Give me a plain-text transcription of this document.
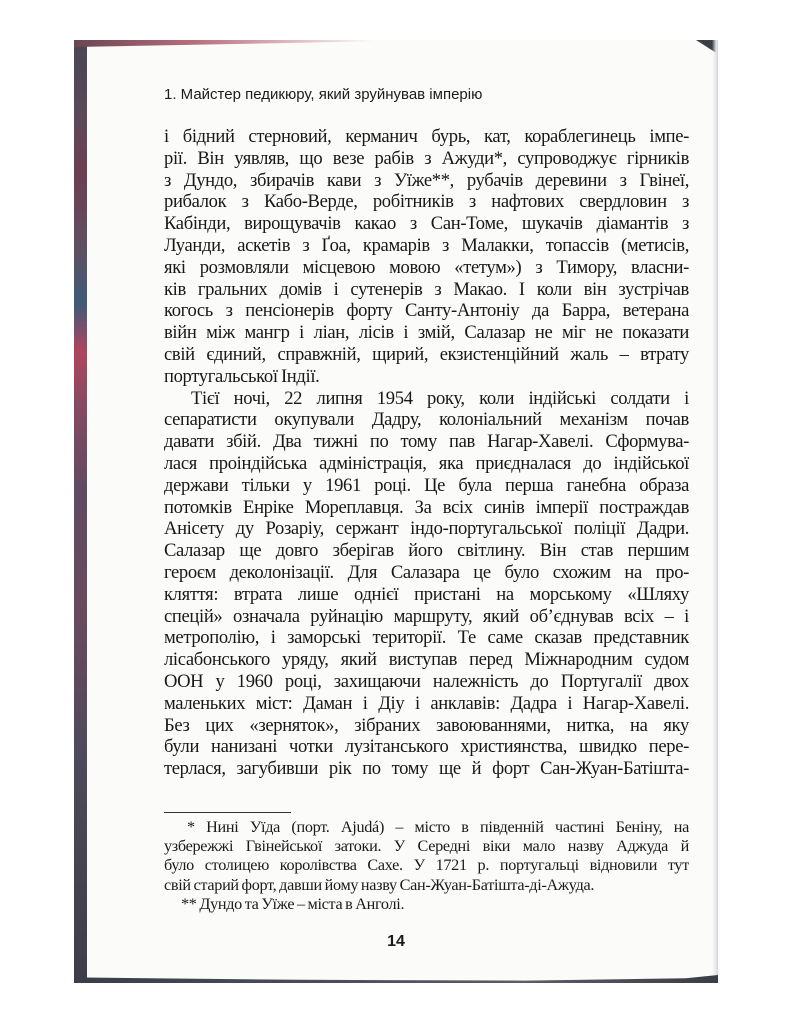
1. Майстер педикюру, який зруйнував імперію

і бідний стерновий, керманич бурь, кат, кораблегинець імпе-
рії. Він уявляв, що везе рабів з Ажуди*, супроводжує гірників
з Дундо, збирачів кави з Уїже**, рубачів деревини з Гвінеї,
рибалок з Кабо-Верде, робітників з нафтових свердловин з
Кабінди, вирощувачів какао з Сан-Томе, шукачів діамантів з
Луанди, аскетів з Ґоа, крамарів з Малакки, топассів (метисів,
які розмовляли місцевою мовою «тетум») з Тимору, власни-
ків гральних домів і сутенерів з Макао. І коли він зустрічав
когось з пенсіонерів форту Санту-Антоніу да Барра, ветерана
війн між мангр і ліан, лісів і змій, Салазар не міг не показати
свій єдиний, справжній, щирий, екзистенційний жаль – втрату
португальської Індії.

Тієї ночі, 22 липня 1954 року, коли індійські солдати і
сепаратисти окупували Дадру, колоніальний механізм почав
давати збій. Два тижні по тому пав Нагар-Хавелі. Сформува-
лася проіндійська адміністрація, яка приєдналася до індійської
держави тільки у 1961 році. Це була перша ганебна образа
потомків Енріке Мореплавця. За всіх синів імперії постраждав
Анісету ду Розаріу, сержант індо-португальської поліції Дадри.
Салазар ще довго зберігав його світлину. Він став першим
героєм деколонізації. Для Салазара це було схожим на про-
кляття: втрата лише однієї пристані на морському «Шляху
спецій» означала руйнацію маршруту, який об’єднував всіх – і
метрополію, і заморські території. Те саме сказав представник
лісабонського уряду, який виступав перед Міжнародним судом
ООН у 1960 році, захищаючи належність до Португалії двох
маленьких міст: Даман і Діу і анклавів: Дадра і Нагар-Хавелі.
Без цих «зерняток», зібраних завоюваннями, нитка, на яку
були нанизані чотки лузітанського християнства, швидко пере-
терлася, загубивши рік по тому ще й форт Сан-Жуан-Батішта-

* Нині Уїда (порт. Ajudá) – місто в південній частині Беніну, на
узбережжі Гвінейської затоки. У Середні віки мало назву Аджуда й
було столицею королівства Сахе. У 1721 р. португальці відновили тут
свій старий форт, давши йому назву Сан-Жуан-Батішта-ді-Ажуда.
** Дундо та Уїже – міста в Анголі.
14
